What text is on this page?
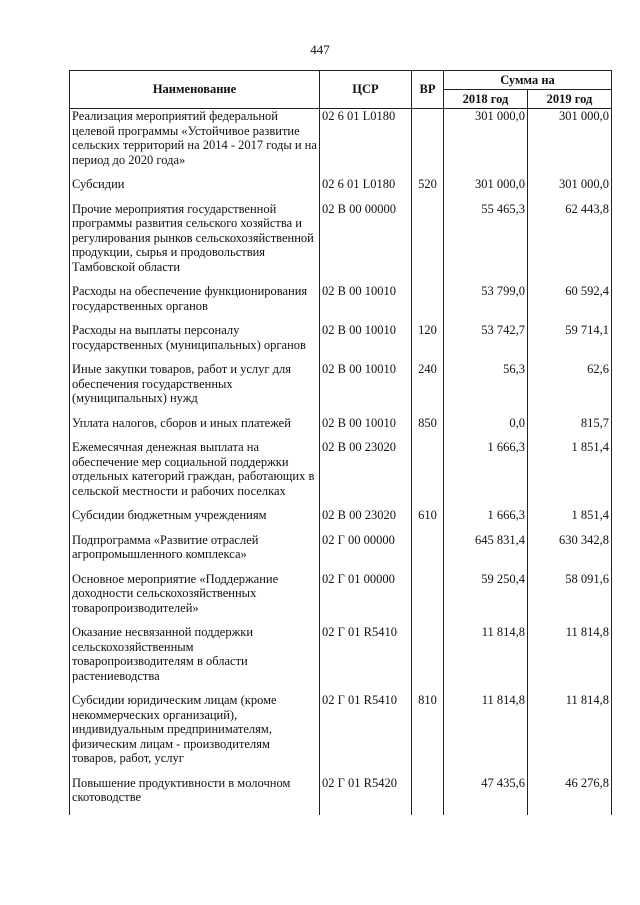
447
Наименование	ЦСР	ВР	Сумма на	
			2018 год	2019 год
Реализация мероприятий федеральной целевой программы «Устойчивое развитие сельских территорий на 2014 - 2017 годы и на период до 2020 года»	02 6 01 L0180		301 000,0	301 000,0
Субсидии	02 6 01 L0180	520	301 000,0	301 000,0
Прочие мероприятия государственной программы развития сельского хозяйства и регулирования рынков сельскохозяйственной продукции, сырья и продовольствия Тамбовской области	02 В 00 00000		55 465,3	62 443,8
Расходы на обеспечение функционирования государственных органов	02 В 00 10010		53 799,0	60 592,4
Расходы на выплаты персоналу государственных (муниципальных) органов	02 В 00 10010	120	53 742,7	59 714,1
Иные закупки товаров, работ и услуг для обеспечения государственных (муниципальных) нужд	02 В 00 10010	240	56,3	62,6
Уплата налогов, сборов и иных платежей	02 В 00 10010	850	0,0	815,7
Ежемесячная денежная выплата на обеспечение мер социальной поддержки отдельных категорий граждан, работающих в сельской местности и рабочих поселках	02 В 00 23020		1 666,3	1 851,4
Субсидии бюджетным учреждениям	02 В 00 23020	610	1 666,3	1 851,4
Подпрограмма «Развитие отраслей агропромышленного комплекса»	02 Г 00 00000		645 831,4	630 342,8
Основное мероприятие «Поддержание доходности сельскохозяйственных товаропроизводителей»	02 Г 01 00000		59 250,4	58 091,6
Оказание несвязанной поддержки сельскохозяйственным товаропроизводителям в области растениеводства	02 Г 01 R5410		11 814,8	11 814,8
Субсидии юридическим лицам (кроме некоммерческих организаций), индивидуальным предпринимателям, физическим лицам - производителям товаров, работ, услуг	02 Г 01 R5410	810	11 814,8	11 814,8
Повышение продуктивности в молочном скотоводстве	02 Г 01 R5420		47 435,6	46 276,8
